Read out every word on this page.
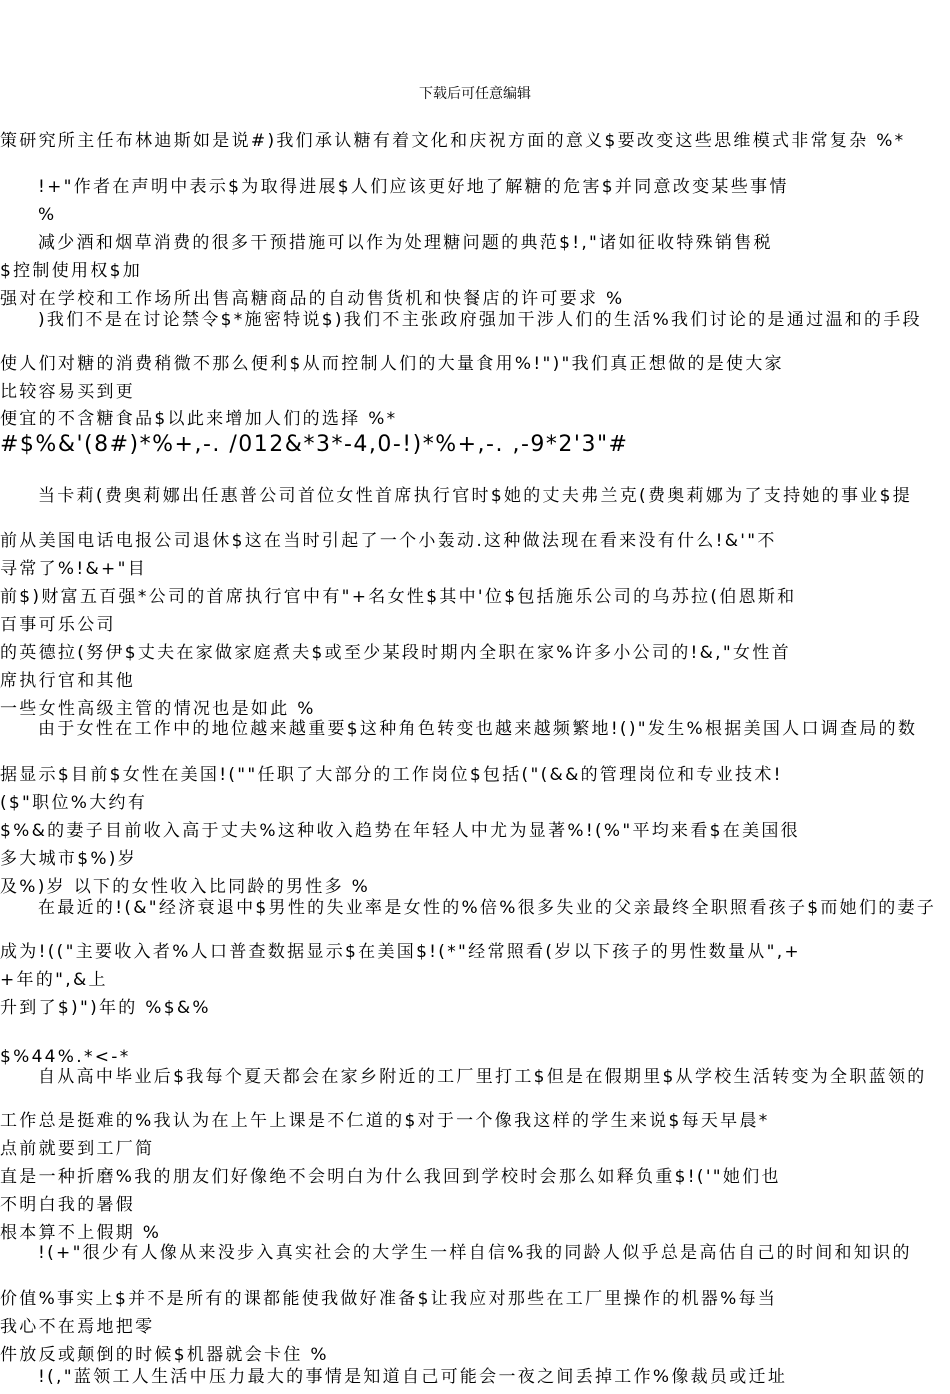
下载后可任意编辑
策研究所主任布林迪斯如是说#)我们承认糖有着文化和庆祝方面的意义$要改变这些思维模式非常复杂 %*
!+"作者在声明中表示$为取得进展$人们应该更好地了解糖的危害$并同意改变某些事情
%
减少酒和烟草消费的很多干预措施可以作为处理糖问题的典范$!,"诸如征收特殊销售税
$控制使用权$加
强对在学校和工作场所出售高糖商品的自动售货机和快餐店的许可要求 %
)我们不是在讨论禁令$*施密特说$)我们不主张政府强加干涉人们的生活%我们讨论的是通过温和的手段
使人们对糖的消费稍微不那么便利$从而控制人们的大量食用%!")"我们真正想做的是使大家
比较容易买到更
便宜的不含糖食品$以此来增加人们的选择 %*
#$%&'(8#)*%+,-. /012&*3*-4,0-!)*%+,-. ,-9*2'3"#
当卡莉(费奥莉娜出任惠普公司首位女性首席执行官时$她的丈夫弗兰克(费奥莉娜为了支持她的事业$提
前从美国电话电报公司退休$这在当时引起了一个小轰动.这种做法现在看来没有什么!&'"不
寻常了%!&+"目
前$)财富五百强*公司的首席执行官中有"+名女性$其中'位$包括施乐公司的乌苏拉(伯恩斯和
百事可乐公司
的英德拉(努伊$丈夫在家做家庭煮夫$或至少某段时期内全职在家%许多小公司的!&,"女性首
席执行官和其他
一些女性高级主管的情况也是如此 %
由于女性在工作中的地位越来越重要$这种角色转变也越来越频繁地!()"发生%根据美国人口调查局的数
据显示$目前$女性在美国!(""任职了大部分的工作岗位$包括("(&&的管理岗位和专业技术!
($"职位%大约有
$%&的妻子目前收入高于丈夫%这种收入趋势在年轻人中尤为显著%!(%"平均来看$在美国很
多大城市$%)岁
及%)岁 以下的女性收入比同龄的男性多 %
在最近的!(&"经济衰退中$男性的失业率是女性的%倍%很多失业的父亲最终全职照看孩子$而她们的妻子
成为!(("主要收入者%人口普查数据显示$在美国$!(*"经常照看(岁以下孩子的男性数量从",+
+年的",&上
升到了$)")年的 %$&%
$%44%.*<-*
自从高中毕业后$我每个夏天都会在家乡附近的工厂里打工$但是在假期里$从学校生活转变为全职蓝领的
工作总是挺难的%我认为在上午上课是不仁道的$对于一个像我这样的学生来说$每天早晨*
点前就要到工厂简
直是一种折磨%我的朋友们好像绝不会明白为什么我回到学校时会那么如释负重$!('"她们也
不明白我的暑假
根本算不上假期 %
!(+"很少有人像从来没步入真实社会的大学生一样自信%我的同龄人似乎总是高估自己的时间和知识的
价值%事实上$并不是所有的课都能使我做好准备$让我应对那些在工厂里操作的机器%每当
我心不在焉地把零
件放反或颠倒的时候$机器就会卡住 %
!(,"蓝领工人生活中压力最大的事情是知道自己可能会一夜之间丢掉工作%像裁员或迁址
